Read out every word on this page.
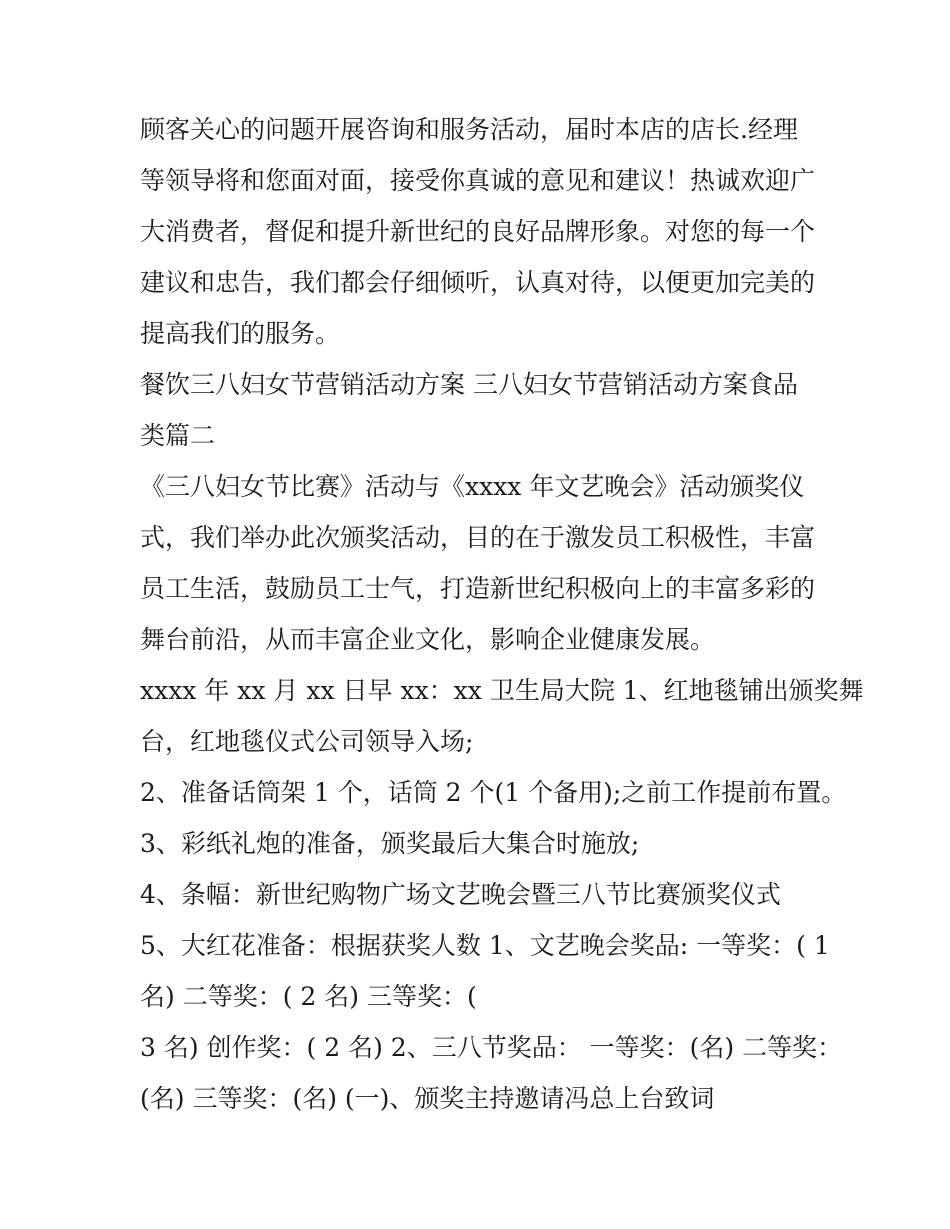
顾客关心的问题开展咨询和服务活动，届时本店的店长.经理
等领导将和您面对面，接受你真诚的意见和建议！热诚欢迎广
大消费者，督促和提升新世纪的良好品牌形象。对您的每一个
建议和忠告，我们都会仔细倾听，认真对待，以便更加完美的
提高我们的服务。
餐饮三八妇女节营销活动方案 三八妇女节营销活动方案食品
类篇二
《三八妇女节比赛》活动与《xxxx 年文艺晚会》活动颁奖仪
式，我们举办此次颁奖活动，目的在于激发员工积极性，丰富
员工生活，鼓励员工士气，打造新世纪积极向上的丰富多彩的
舞台前沿，从而丰富企业文化，影响企业健康发展。
xxxx 年 xx 月 xx 日早 xx：xx 卫生局大院 1、红地毯铺出颁奖舞
台，红地毯仪式公司领导入场;
2、准备话筒架 1 个，话筒 2 个(1 个备用);之前工作提前布置。
3、彩纸礼炮的准备，颁奖最后大集合时施放;
4、条幅：新世纪购物广场文艺晚会暨三八节比赛颁奖仪式
5、大红花准备：根据获奖人数 1、文艺晚会奖品: 一等奖：( 1
名) 二等奖：( 2 名) 三等奖：(
3 名) 创作奖：( 2 名) 2、三八节奖品： 一等奖：(名) 二等奖：
(名) 三等奖：(名) (一)、颁奖主持邀请冯总上台致词
